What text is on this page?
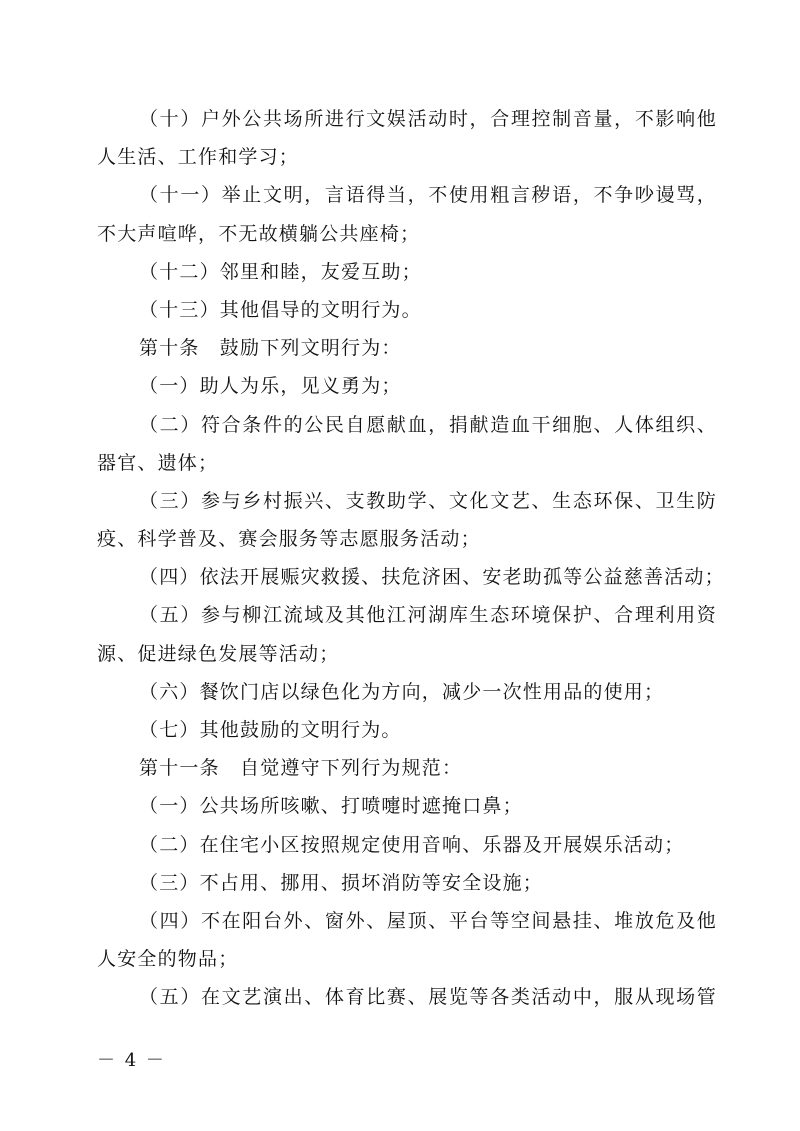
（十）户外公共场所进行文娱活动时，合理控制音量，不影响他
人生活、工作和学习；
（十一）举止文明，言语得当，不使用粗言秽语，不争吵谩骂，
不大声喧哗，不无故横躺公共座椅；
（十二）邻里和睦，友爱互助；
（十三）其他倡导的文明行为。
第十条　鼓励下列文明行为：
（一）助人为乐，见义勇为；
（二）符合条件的公民自愿献血，捐献造血干细胞、人体组织、
器官、遗体；
（三）参与乡村振兴、支教助学、文化文艺、生态环保、卫生防
疫、科学普及、赛会服务等志愿服务活动；
（四）依法开展赈灾救援、扶危济困、安老助孤等公益慈善活动；
（五）参与柳江流域及其他江河湖库生态环境保护、合理利用资
源、促进绿色发展等活动；
（六）餐饮门店以绿色化为方向，减少一次性用品的使用；
（七）其他鼓励的文明行为。
第十一条　自觉遵守下列行为规范：
（一）公共场所咳嗽、打喷嚏时遮掩口鼻；
（二）在住宅小区按照规定使用音响、乐器及开展娱乐活动；
（三）不占用、挪用、损坏消防等安全设施；
（四）不在阳台外、窗外、屋顶、平台等空间悬挂、堆放危及他
人安全的物品；
（五）在文艺演出、体育比赛、展览等各类活动中，服从现场管
－ 4 －
